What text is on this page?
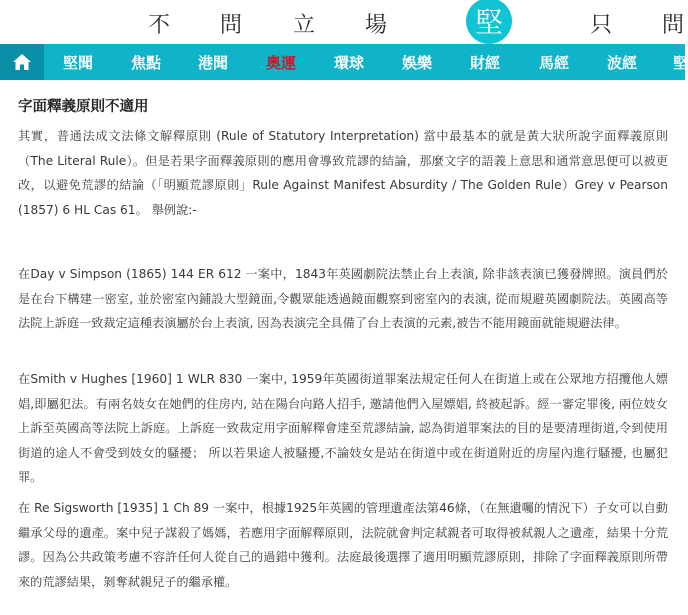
不 問 立 場	堅	只 問
堅聞	焦點 港聞	奧運	環球	娛樂	財經	馬經	波經 堅
字面釋義原則不適用

其實，普通法成文法條文解釋原則 (Rule of Statutory Interpretation) 當中最基本的就是黃大狀所說字面釋義原則（The Literal Rule）。但是若果字面釋義原則的應用會導致荒謬的結論，那麼文字的語義上意思和通常意思便可以被更改，以避免荒謬的結論（「明顯荒謬原則」Rule Against Manifest Absurdity / The Golden Rule）Grey v Pearson (1857) 6 HL Cas 61。 舉例說:-

在Day v Simpson (1865) 144 ER 612 一案中，1843年英國劇院法禁止台上表演, 除非該表演已獲發牌照。演員們於是在台下構建一密室, 並於密室內鋪設大型鏡面,令觀眾能透過鏡面觀察到密室內的表演, 從而規避英國劇院法。英國高等法院上訴庭一致裁定這種表演屬於台上表演, 因為表演完全具備了台上表演的元素,被告不能用鏡面就能規避法律。

在Smith v Hughes [1960] 1 WLR 830 一案中, 1959年英國街道罪案法規定任何人在街道上或在公眾地方招攬他人嫖娼,即屬犯法。有兩名妓女在她們的住房内, 站在陽台向路人招手, 邀請他們入屋嫖娼, 終被起訴。經一審定罪後, 兩位妓女上訴至英國高等法院上訴庭。上訴庭一致裁定用字面解釋會達至荒謬結論, 認為街道罪案法的目的是要清理街道,令到使用街道的途人不會受到妓女的騷擾； 所以若果途人被騷擾,不論妓女是站在街道中或在街道附近的房屋內進行騷擾, 也屬犯罪。

在 Re Sigsworth [1935] 1 Ch 89 一案中，根據1925年英國的管理遺產法第46條，（在無遺囑的情況下）子女可以自動繼承父母的遺產。案中兒子謀殺了媽媽，若應用字面解釋原則，法院就會判定弒親者可取得被弒親人之遺產，結果十分荒謬。因為公共政策考慮不容許任何人從自己的過錯中獲利。法庭最後選擇了適用明顯荒謬原則，排除了字面釋義原則所帶來的荒謬結果，剝奪弒親兒子的繼承權。
